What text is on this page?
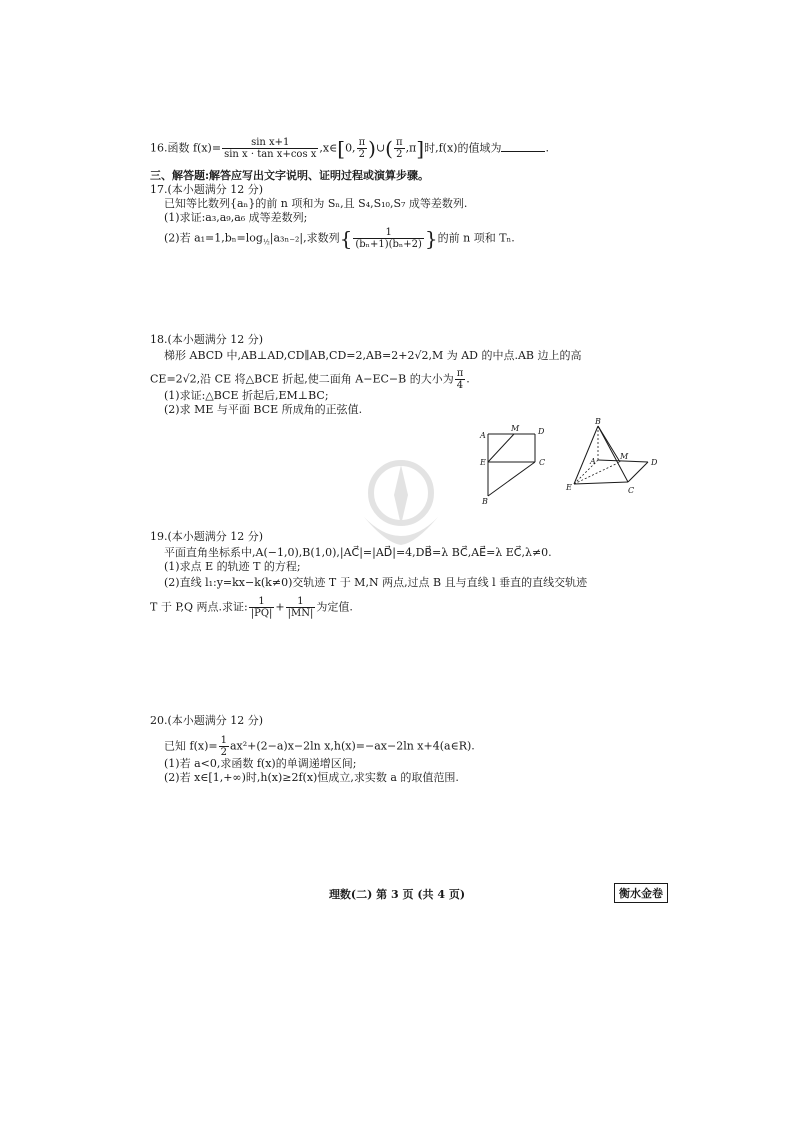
16.函数 $f(x)= \frac{\text{sin x+1}}{\text{sin x · tan x+cos x}}$ ,x∈[0, $\frac{\pi}{2}$ )∪( $\frac{\pi}{2} ,\pi$]时,f(x)的值域为	.
三、解答题:解答应写出文字说明、证明过程或演算步骤。
17.(本小题满分 12 分)
已知等比数列{aₙ}的前 n 项和为 Sₙ,且 S₄,S₁₀,S₇ 成等差数列.
(1)求证:a₃,a₉,a₆ 成等差数列;
(2)若 $a_1=1,b_n=\log_{\frac{1}{2}}|a_{3n-2}|$,求数列{ $\frac{1}{\text{(bₙ+1)(bₙ+2)}}$ }的前 n 项和 Tₙ.
18.(本小题满分 12 分)
梯形 ABCD 中,AB⊥AD,CD∥AB,CD=2,AB=2+2√2,M 为 AD 的中点.AB 边上的高
CE=2√2,沿 CE 将△BCE 折起,使二面角 A−EC−B 的大小为 $\frac{\pi}{4}$ .
(1)求证:△BCE 折起后,EM⊥BC;
(2)求 ME 与平面 BCE 所成角的正弦值.
A
M D
E	C
B
B
A
M
D
E	C
19.(本小题满分 12 分)
平面直角坐标系中,A(−1,0),B(1,0),|AC⃗|=|AD⃗|=4,DB⃗=λ BC⃗,AE⃗=λ EC⃗,λ≠0.
(1)求点 E 的轨迹 T 的方程;
(2)直线 l₁:y=kx−k(k≠0)交轨迹 T 于 M,N 两点,过点 B 且与直线 l 垂直的直线交轨迹
T 于 P,Q 两点.求证: $\frac{1}{|PQ|} + \frac{1}{|MN|}$ 为定值.
20.(本小题满分 12 分)
已知 $f(x)= \frac{1}{2} ax^2+(2-a)x-2\ln$ x,h(x)=−ax−2ln x+4(a∈R).
(1)若 a<0,求函数 f(x)的单调递增区间;
(2)若 x∈[1,+∞)时,h(x)≥2f(x)恒成立,求实数 a 的取值范围.
理数(二) 第 3 页 (共 4 页)	衡水金卷
